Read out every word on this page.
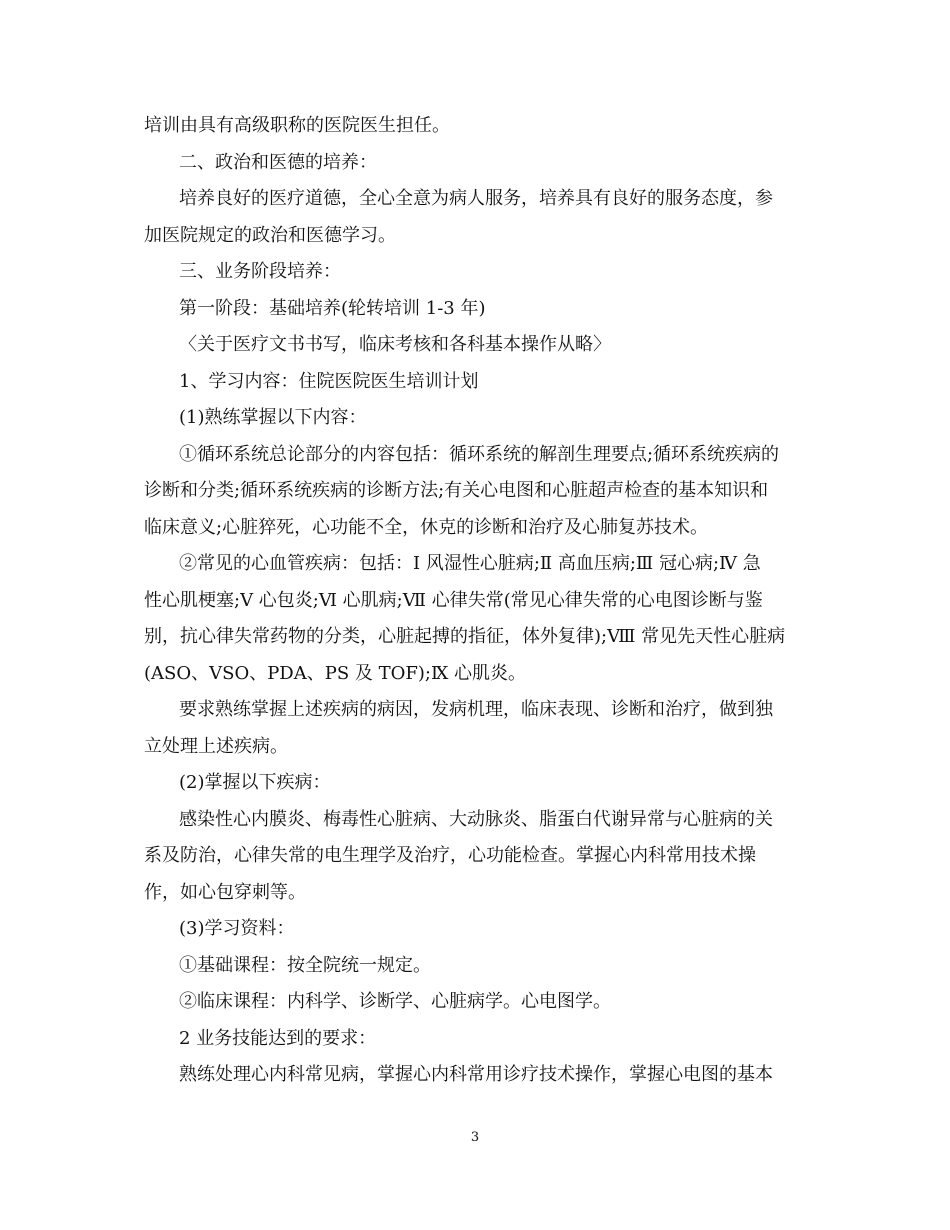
培训由具有高级职称的医院医生担任。

二、政治和医德的培养：

培养良好的医疗道德，全心全意为病人服务，培养具有良好的服务态度，参

加医院规定的政治和医德学习。

三、业务阶段培养：

第一阶段：基础培养(轮转培训 1-3 年)

〈关于医疗文书书写，临床考核和各科基本操作从略〉

1、学习内容：住院医院医生培训计划

(1)熟练掌握以下内容：

①循环系统总论部分的内容包括：循环系统的解剖生理要点;循环系统疾病的

诊断和分类;循环系统疾病的诊断方法;有关心电图和心脏超声检查的基本知识和

临床意义;心脏猝死，心功能不全，休克的诊断和治疗及心肺复苏技术。

②常见的心血管疾病：包括：Ⅰ 风湿性心脏病;Ⅱ 高血压病;Ⅲ 冠心病;Ⅳ 急

性心肌梗塞;Ⅴ 心包炎;Ⅵ 心肌病;Ⅶ 心律失常(常见心律失常的心电图诊断与鉴

别，抗心律失常药物的分类，心脏起搏的指征，体外复律);Ⅷ 常见先天性心脏病

(ASO、VSO、PDA、PS 及 TOF);Ⅸ 心肌炎。

要求熟练掌握上述疾病的病因，发病机理，临床表现、诊断和治疗，做到独

立处理上述疾病。

(2)掌握以下疾病：

感染性心内膜炎、梅毒性心脏病、大动脉炎、脂蛋白代谢异常与心脏病的关

系及防治，心律失常的电生理学及治疗，心功能检查。掌握心内科常用技术操

作，如心包穿刺等。

(3)学习资料：

①基础课程：按全院统一规定。

②临床课程：内科学、诊断学、心脏病学。心电图学。

2 业务技能达到的要求：

熟练处理心内科常见病，掌握心内科常用诊疗技术操作，掌握心电图的基本

3
